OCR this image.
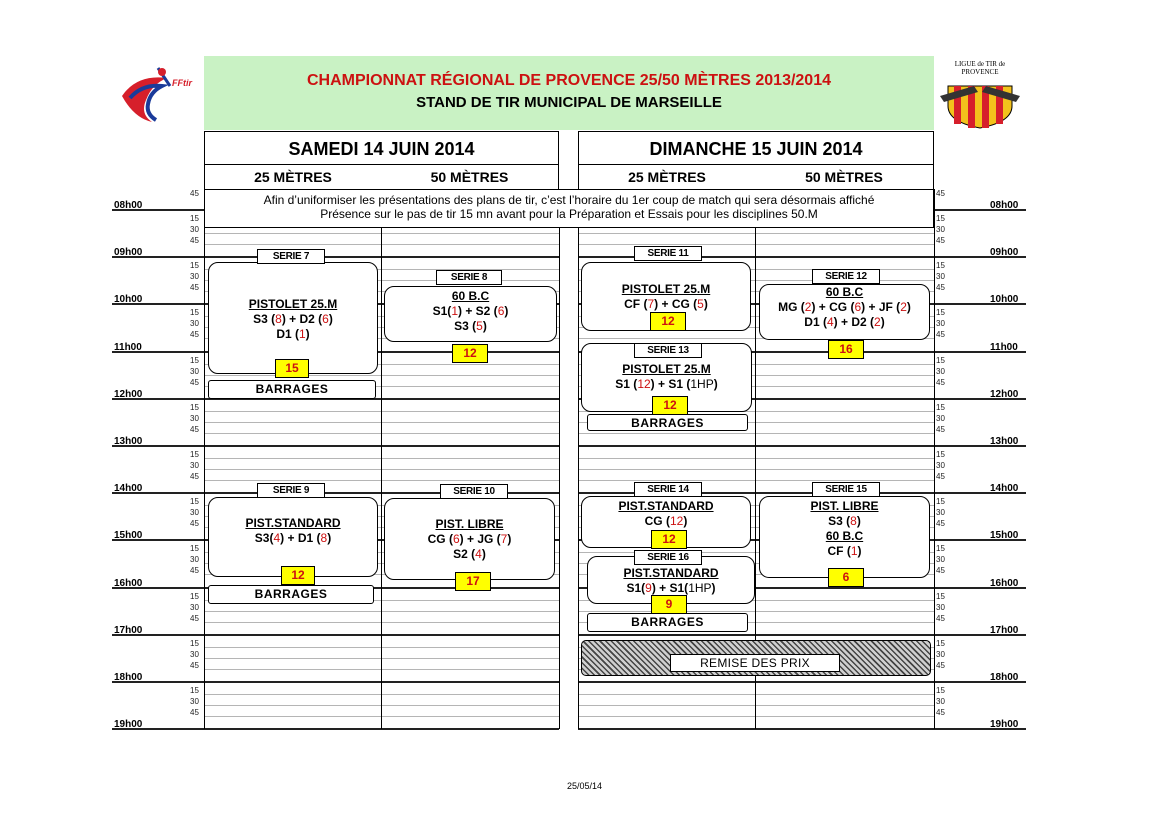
FFtir
LIGUE de TIR de PROVENCE
CHAMPIONNAT RÉGIONAL DE PROVENCE 25/50 MÈTRES 2013/2014
STAND DE TIR MUNICIPAL DE MARSEILLE
SAMEDI 14 JUIN 2014	DIMANCHE 15 JUIN 2014
25 MÈTRES	50 MÈTRES	25 MÈTRES	50 MÈTRES
08h00	08h00
15	15
30	30
45	45
09h00	09h00
15	15
30	30
45	45
10h00	10h00
15	15
30	30
45	45
11h00	11h00
15	15
30	30
45	45
12h00	12h00
15	15
30	30
45	45
13h00	13h00
15	15
30	30
45	45
14h00	14h00
15	15
30	30
45	45
15h00	15h00
15	15
30	30
45	45
16h00	16h00
15	15
30	30
45	45
17h00	17h00
15	15
30	30
45	45
18h00	18h00
15	15
30	30
45	45
19h00	19h00
45	45
Afin d’uniformiser les présentations des plans de tir, c’est l’horaire du 1er coup de match qui sera désormais affiché
Présence sur le pas de tir 15 mn avant pour la Préparation et Essais pour les disciplines 50.M
PISTOLET 25.M
S3 (8) + D2 (6)
D1 (1)
SERIE 7
15
BARRAGES
60 B.C
S1(1) + S2 (6)
S3 (5)
SERIE 8
12
PIST.STANDARD
S3(4) + D1 (8)
SERIE 9
12
BARRAGES
PIST. LIBRE
CG (6) + JG (7)
S2 (4)
SERIE 10
17
PISTOLET 25.M
CF (7) + CG (5)
SERIE 11
12
60 B.C
MG (2) + CG (6) + JF (2)
D1 (4) + D2 (2)
SERIE 12
16
PISTOLET 25.M
S1 (12) + S1 (1HP)
SERIE 13
12
BARRAGES
PIST.STANDARD
CG (12)
SERIE 14
12
PIST. LIBRE
S3 (8)
60 B.C
CF (1)
SERIE 15
6
PIST.STANDARD
S1(9) + S1(1HP)
SERIE 16
9
BARRAGES
REMISE DES PRIX
25/05/14
